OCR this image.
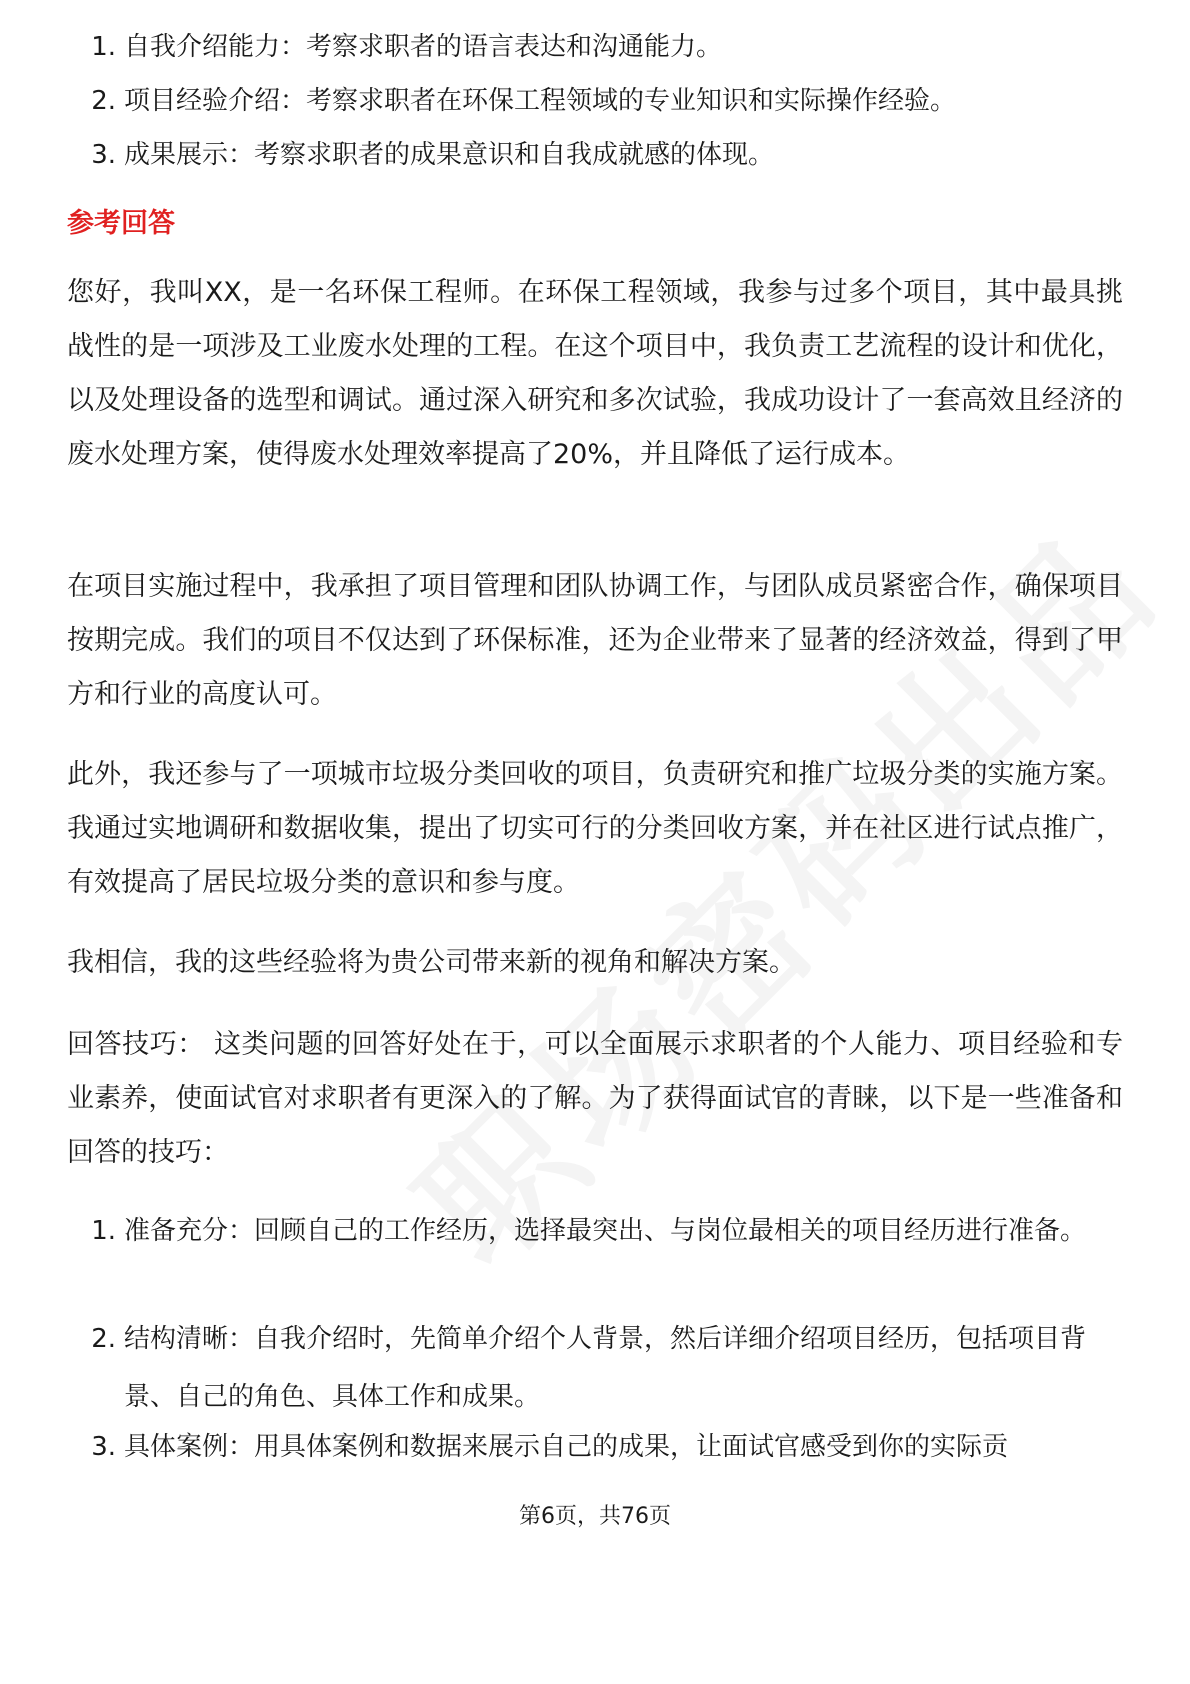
1. 自我介绍能力：考察求职者的语言表达和沟通能力。
2. 项目经验介绍：考察求职者在环保工程领域的专业知识和实际操作经验。
3. 成果展示：考察求职者的成果意识和自我成就感的体现。
参考回答
您好，我叫XX，是一名环保工程师。在环保工程领域，我参与过多个项目，其中最具挑战性的是一项涉及工业废水处理的工程。在这个项目中，我负责工艺流程的设计和优化，以及处理设备的选型和调试。通过深入研究和多次试验，我成功设计了一套高效且经济的废水处理方案，使得废水处理效率提高了20%，并且降低了运行成本。
在项目实施过程中，我承担了项目管理和团队协调工作，与团队成员紧密合作，确保项目按期完成。我们的项目不仅达到了环保标准，还为企业带来了显著的经济效益，得到了甲方和行业的高度认可。
此外，我还参与了一项城市垃圾分类回收的项目，负责研究和推广垃圾分类的实施方案。我通过实地调研和数据收集，提出了切实可行的分类回收方案，并在社区进行试点推广，有效提高了居民垃圾分类的意识和参与度。
我相信，我的这些经验将为贵公司带来新的视角和解决方案。
回答技巧： 这类问题的回答好处在于，可以全面展示求职者的个人能力、项目经验和专业素养，使面试官对求职者有更深入的了解。为了获得面试官的青睐，以下是一些准备和回答的技巧：
1. 准备充分：回顾自己的工作经历，选择最突出、与岗位最相关的项目经历进行准备。
2. 结构清晰：自我介绍时，先简单介绍个人背景，然后详细介绍项目经历，包括项目背景、自己的角色、具体工作和成果。
3. 具体案例：用具体案例和数据来展示自己的成果，让面试官感受到你的实际贡
第6页，共76页
